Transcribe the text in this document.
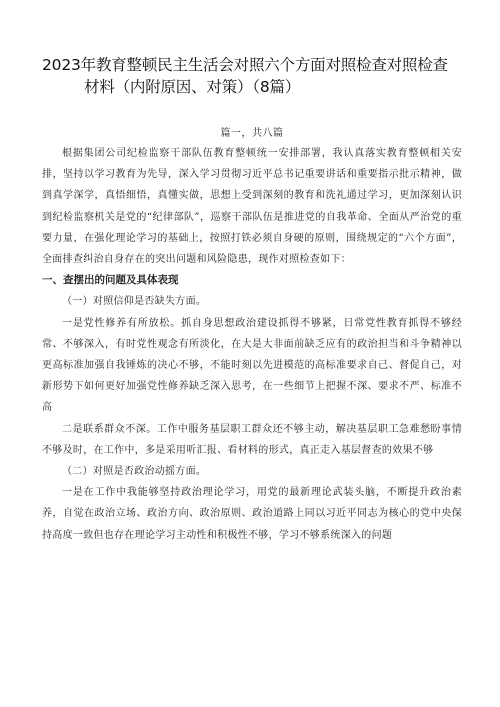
2023年教育整顿民主生活会对照六个方面对照检查对照检查
材料（内附原因、对策）（8篇）
篇一，共八篇

根据集团公司纪检监察干部队伍教育整顿统一安排部署，我认真落实教育整顿相关安排，坚持以学习教育为先导，深入学习贯彻习近平总书记重要讲话和重要指示批示精神，做到真学深学，真悟细悟，真懂实做，思想上受到深刻的教育和洗礼通过学习，更加深刻认识到纪检监察机关是党的“纪律部队”，巡察干部队伍是推进党的自我革命、全面从严治党的重要力量，在强化理论学习的基础上，按照打铁必须自身硬的原则，围绕规定的“六个方面”，全面排查纠治自身存在的突出问题和风险隐患，现作对照检查如下：

一、查摆出的问题及具体表现

（一）对照信仰是否缺失方面。

一是党性修养有所放松。抓自身思想政治建设抓得不够紧，日常党性教育抓得不够经常、不够深入，有时党性观念有所淡化，在大是大非面前缺乏应有的政治担当和斗争精神以更高标准加强自我锤炼的决心不够，不能时刻以先进模范的高标准要求自己、督促自己，对新形势下如何更好加强党性修养缺乏深入思考，在一些细节上把握不深、要求不严、标准不高

二是联系群众不深。工作中服务基层职工群众还不够主动，解决基层职工急难愁盼事情不够及时，在工作中，多是采用听汇报、看材料的形式，真正走入基层督查的效果不够

（二）对照是否政治动摇方面。

一是在工作中我能够坚持政治理论学习，用党的最新理论武装头脑，不断提升政治素养，自觉在政治立场、政治方向、政治原则、政治道路上同以习近平同志为核心的党中央保持高度一致但也存在理论学习主动性和积极性不够，学习不够系统深入的问题
